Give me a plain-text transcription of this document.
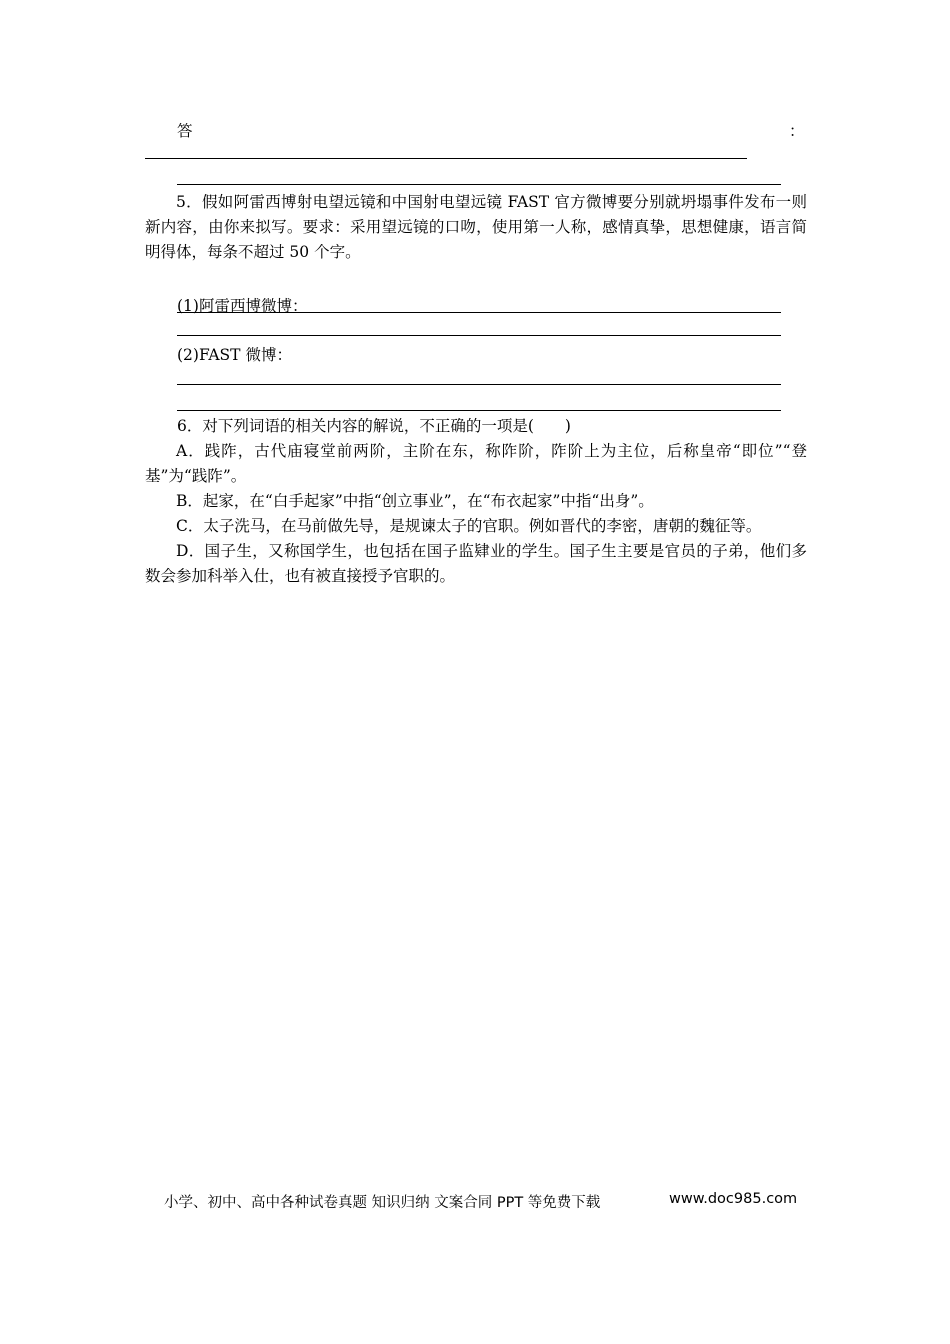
答	：
5．假如阿雷西博射电望远镜和中国射电望远镜 FAST 官方微博要分别就坍塌事件发布一则新内容，由你来拟写。要求：采用望远镜的口吻，使用第一人称，感情真挚，思想健康，语言简明得体，每条不超过 50 个字。
(1)阿雷西博微博：
(2)FAST 微博：
6．对下列词语的相关内容的解说，不正确的一项是(　　)
A．践阼，古代庙寝堂前两阶，主阶在东，称阼阶，阼阶上为主位，后称皇帝“即位”“登基”为“践阼”。
B．起家，在“白手起家”中指“创立事业”，在“布衣起家”中指“出身”。
C．太子洗马，在马前做先导，是规谏太子的官职。例如晋代的李密，唐朝的魏征等。
D．国子生，又称国学生，也包括在国子监肄业的学生。国子生主要是官员的子弟，他们多数会参加科举入仕，也有被直接授予官职的。
小学、初中、高中各种试卷真题 知识归纳 文案合同 PPT 等免费下载	www.doc985.com
